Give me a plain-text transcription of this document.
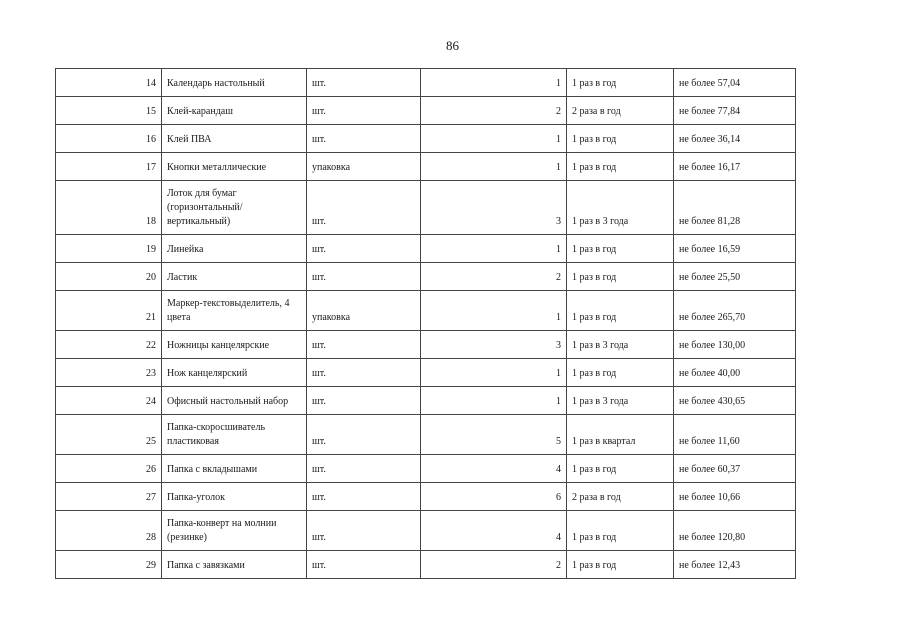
86
14	Календарь настольный	шт.	1	1 раз в год	не более 57,04
15	Клей-карандаш	шт.	2	2 раза в год	не более 77,84
16	Клей ПВА	шт.	1	1 раз в год	не более 36,14
17	Кнопки металлические	упаковка	1	1 раз в год	не более 16,17
18	Лоток для бумаг (горизонтальный/вертикальный)	шт.	3	1 раз в 3 года	не более 81,28
19	Линейка	шт.	1	1 раз в год	не более 16,59
20	Ластик	шт.	2	1 раз в год	не более 25,50
21	Маркер-текстовыделитель, 4 цвета	упаковка	1	1 раз в год	не более 265,70
22	Ножницы канцелярские	шт.	3	1 раз в 3 года	не более 130,00
23	Нож канцелярский	шт.	1	1 раз в год	не более 40,00
24	Офисный настольный набор	шт.	1	1 раз в 3 года	не более 430,65
25	Папка-скоросшиватель пластиковая	шт.	5	1 раз в квартал	не более 11,60
26	Папка с вкладышами	шт.	4	1 раз в год	не более 60,37
27	Папка-уголок	шт.	6	2 раза в год	не более 10,66
28	Папка-конверт на молнии (резинке)	шт.	4	1 раз в год	не более 120,80
29	Папка с завязками	шт.	2	1 раз в год	не более 12,43
